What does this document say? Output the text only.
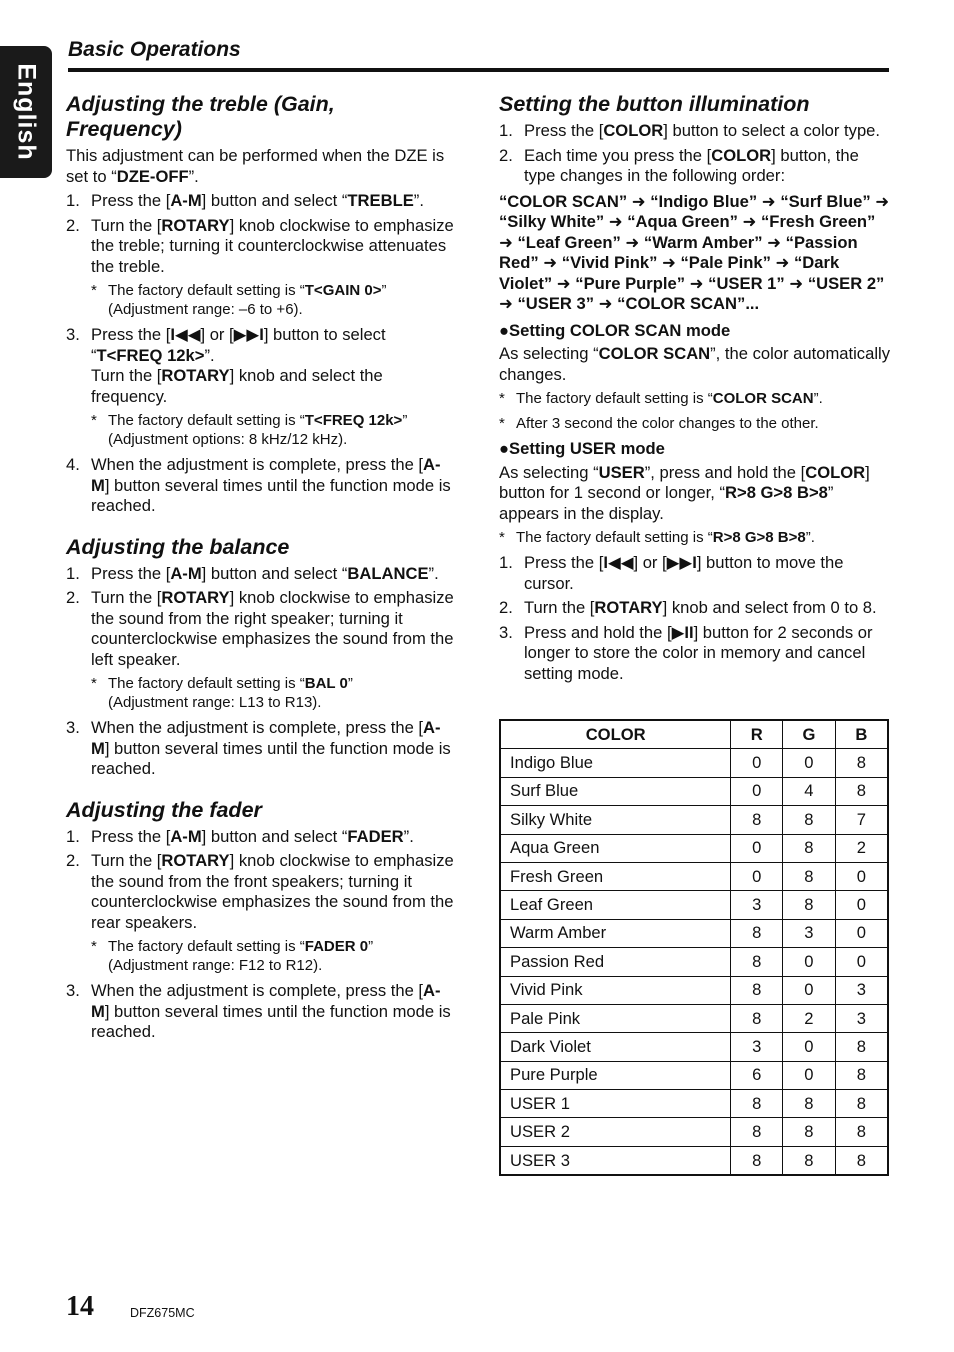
English
Basic Operations
Adjusting the treble (Gain,
Frequency)

This adjustment can be performed when the DZE is set to “DZE-OFF”.

1. Press the [A-M] button and select “TREBLE”.
2. Turn the [ROTARY] knob clockwise to emphasize the treble; turning it counterclockwise attenuates the treble.
* The factory default setting is “T<GAIN 0>”
(Adjustment range: –6 to +6).
3. Press the [I◀◀] or [▶▶I] button to select “T<FREQ 12k>”.
Turn the [ROTARY] knob and select the frequency.
* The factory default setting is “T<FREQ 12k>”
(Adjustment options: 8 kHz/12 kHz).
4. When the adjustment is complete, press the [A-M] button several times until the function mode is reached.
Adjusting the balance
1. Press the [A-M] button and select “BALANCE”.
2. Turn the [ROTARY] knob clockwise to emphasize the sound from the right speaker; turning it counterclockwise emphasizes the sound from the left speaker.
* The factory default setting is “BAL 0”
(Adjustment range: L13 to R13).
3. When the adjustment is complete, press the [A-M] button several times until the function mode is reached.
Adjusting the fader
1. Press the [A-M] button and select “FADER”.
2. Turn the [ROTARY] knob clockwise to emphasize the sound from the front speakers; turning it counterclockwise emphasizes the sound from the rear speakers.
* The factory default setting is “FADER 0”
(Adjustment range: F12 to R12).
3. When the adjustment is complete, press the [A-M] button several times until the function mode is reached.
Setting the button illumination
1. Press the [COLOR] button to select a color type.
2. Each time you press the [COLOR] button, the type changes in the following order:

“COLOR SCAN” ➜ “Indigo Blue” ➜ “Surf Blue” ➜ “Silky White” ➜ “Aqua Green” ➜ “Fresh Green” ➜ “Leaf Green” ➜ “Warm Amber” ➜ “Passion Red” ➜ “Vivid Pink” ➜ “Pale Pink” ➜ “Dark Violet” ➜ “Pure Purple” ➜ “USER 1” ➜ “USER 2” ➜ “USER 3” ➜ “COLOR SCAN”...

●Setting COLOR SCAN mode

As selecting “COLOR SCAN”, the color automatically changes.

* The factory default setting is “COLOR SCAN”.
* After 3 second the color changes to the other.
●Setting USER mode

As selecting “USER”, press and hold the [COLOR] button for 1 second or longer, “R>8 G>8 B>8” appears in the display.

* The factory default setting is “R>8 G>8 B>8”.
1. Press the [I◀◀] or [▶▶I] button to move the cursor.
2. Turn the [ROTARY] knob and select from 0 to 8.
3. Press and hold the [▶II] button for 2 seconds or longer to store the color in memory and cancel setting mode.
COLOR	R	G	B
Indigo Blue	0	0	8
Surf Blue	0	4	8
Silky White	8	8	7
Aqua Green	0	8	2
Fresh Green	0	8	0
Leaf Green	3	8	0
Warm Amber	8	3	0
Passion Red	8	0	0
Vivid Pink	8	0	3
Pale Pink	8	2	3
Dark Violet	3	0	8
Pure Purple	6	0	8
USER 1	8	8	8
USER 2	8	8	8
USER 3	8	8	8
14	DFZ675MC
